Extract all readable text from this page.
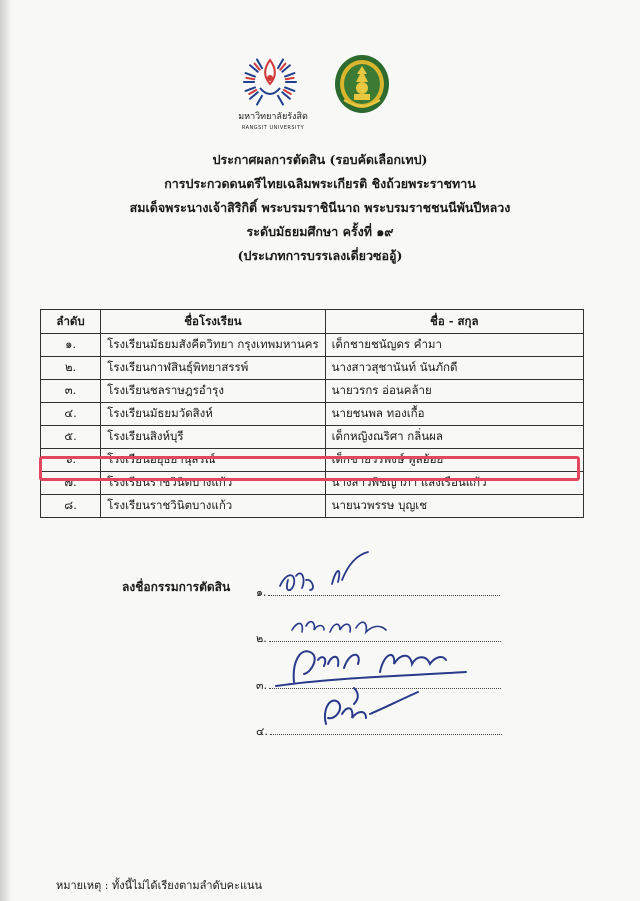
มหาวิทยาลัยรังสิต
RANGSIT UNIVERSITY
ประกาศผลการตัดสิน (รอบคัดเลือกเทป)
การประกวดดนตรีไทยเฉลิมพระเกียรติ ชิงถ้วยพระราชทาน
สมเด็จพระนางเจ้าสิริกิติ์ พระบรมราชินีนาถ พระบรมราชชนนีพันปีหลวง
ระดับมัธยมศึกษา ครั้งที่ ๑๙
(ประเภทการบรรเลงเดี่ยวซออู้)
ลำดับ	ชื่อโรงเรียน	ชื่อ - สกุล
๑.	โรงเรียนมัธยมสังคีตวิทยา กรุงเทพมหานคร	เด็กชายชนัญดร คำมา
๒.	โรงเรียนกาฬสินธุ์พิทยาสรรพ์	นางสาวสุชานันท์ นันภักดี
๓.	โรงเรียนชลราษฎรอำรุง	นายวรกร อ่อนคล้าย
๔.	โรงเรียนมัธยมวัดสิงห์	นายชนพล ทองเกื้อ
๕.	โรงเรียนสิงห์บุรี	เด็กหญิงณริศา กลิ่นผล
๖.	โรงเรียนอยุธยานุสรณ์	เด็กชายวรพงษ์ พูลอ้อย
๗.	โรงเรียนราชวินิตบางแก้ว	นางสาวพิชญาภา แสงเรือนแก้ว
๘.	โรงเรียนราชวินิตบางแก้ว	นายนวพรรษ บุญเช
ลงชื่อกรรมการตัดสิน ๑.
๒.
๓.
๔.
หมายเหตุ : ทั้งนี้ไม่ได้เรียงตามลำดับคะแนน
